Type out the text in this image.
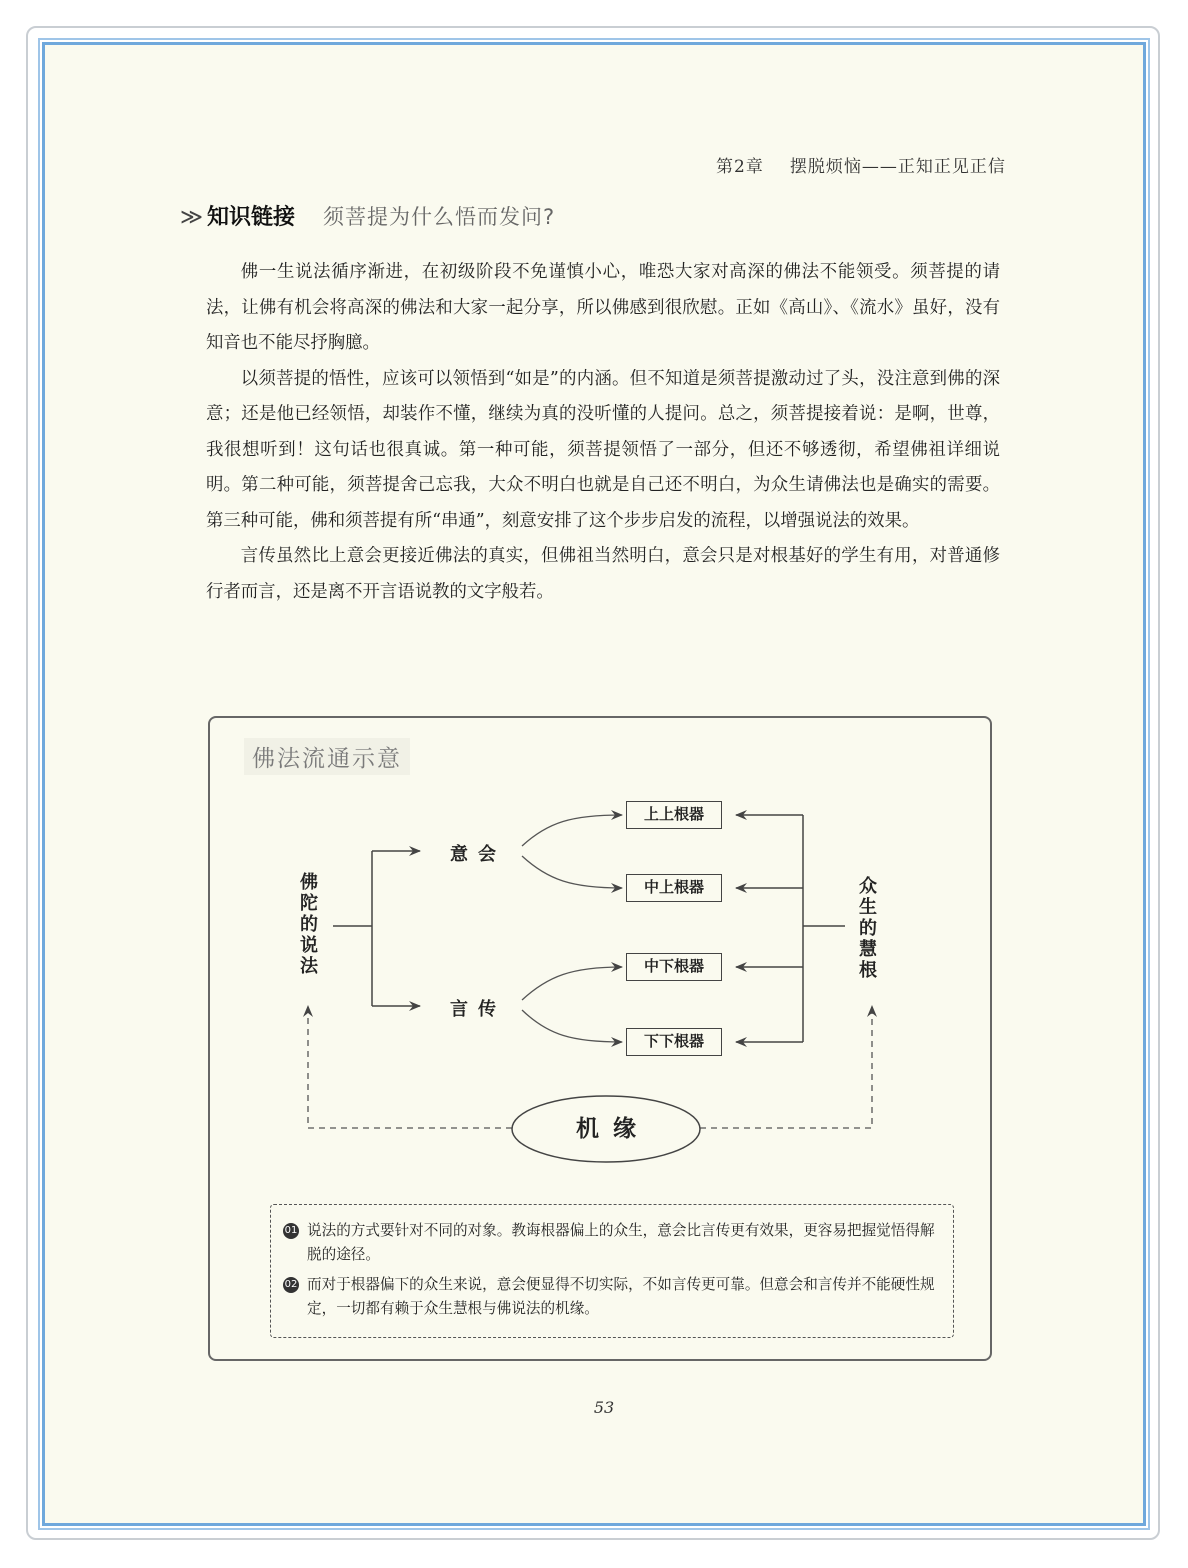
第2章 摆脱烦恼——正知正见正信
≫ 知识链接 须菩提为什么悟而发问?

佛一生说法循序渐进，在初级阶段不免谨慎小心，唯恐大家对高深的佛法不能领受。须菩提的请法，让佛有机会将高深的佛法和大家一起分享，所以佛感到很欣慰。正如《高山》、《流水》虽好，没有知音也不能尽抒胸臆。

以须菩提的悟性，应该可以领悟到“如是”的内涵。但不知道是须菩提激动过了头，没注意到佛的深意；还是他已经领悟，却装作不懂，继续为真的没听懂的人提问。总之，须菩提接着说：是啊，世尊，我很想听到！这句话也很真诚。第一种可能，须菩提领悟了一部分，但还不够透彻，希望佛祖详细说明。第二种可能，须菩提舍己忘我，大众不明白也就是自己还不明白，为众生请佛法也是确实的需要。第三种可能，佛和须菩提有所“串通”，刻意安排了这个步步启发的流程，以增强说法的效果。

言传虽然比上意会更接近佛法的真实，但佛祖当然明白，意会只是对根基好的学生有用，对普通修行者而言，还是离不开言语说教的文字般若。

佛法流通示意
佛陀的说法
众生的慧根
意会
言传
上上根器
中上根器
中下根器
下下根器
机缘
01 说法的方式要针对不同的对象。教诲根器偏上的众生，意会比言传更有效果，更容易把握觉悟得解脱的途径。
02 而对于根器偏下的众生来说，意会便显得不切实际，不如言传更可靠。但意会和言传并不能硬性规定，一切都有赖于众生慧根与佛说法的机缘。
53
